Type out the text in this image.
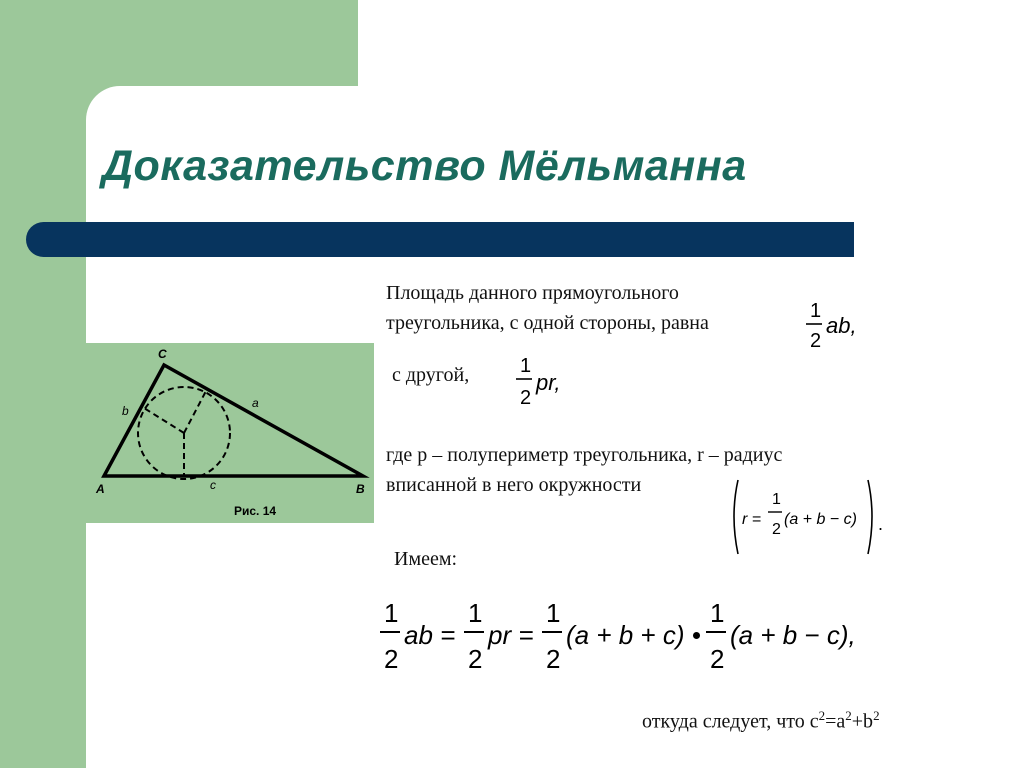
Доказательство Мёльманна
C
A	B
b
a
c
Рис. 14
Площадь данного прямоугольного
треугольника, с одной стороны, равна
1
2
ab,
с другой,	1
2
pr,
где p – полупериметр треугольника, r – радиус
вписанной в него окружности
r =
1
2
(a + b − c) .
Имеем:
1
2
ab =
1
2
pr =
1
2
(a + b + c) •
1
2
(a + b − c),
откуда следует, что $c^2=a^2+b^2$
